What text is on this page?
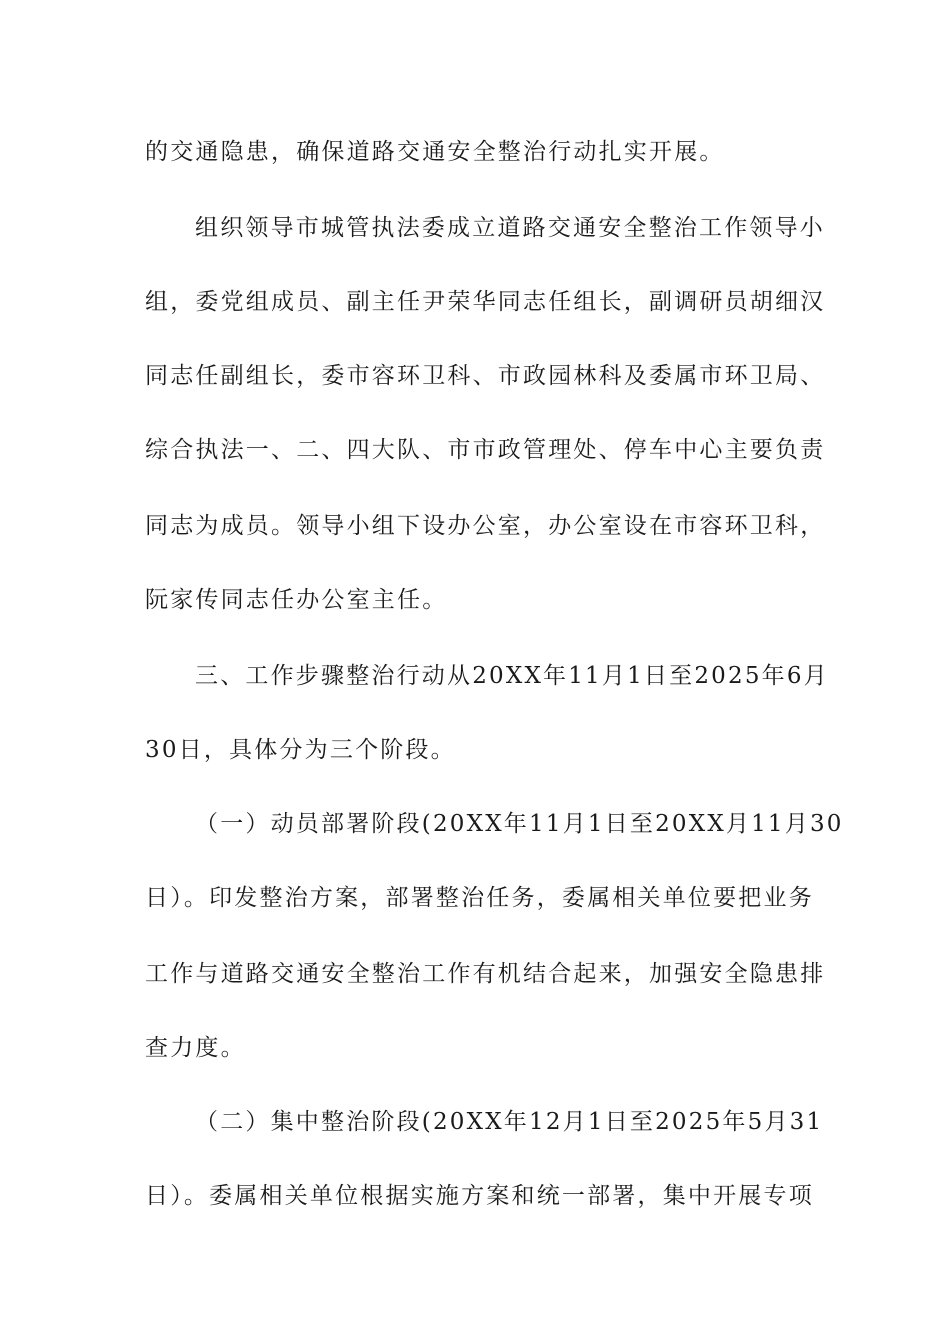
的交通隐患，确保道路交通安全整治行动扎实开展。
组织领导市城管执法委成立道路交通安全整治工作领导小
组，委党组成员、副主任尹荣华同志任组长，副调研员胡细汉
同志任副组长，委市容环卫科、市政园林科及委属市环卫局、
综合执法一、二、四大队、市市政管理处、停车中心主要负责
同志为成员。领导小组下设办公室，办公室设在市容环卫科，
阮家传同志任办公室主任。
三、工作步骤整治行动从20XX年11月1日至2025年6月
30日，具体分为三个阶段。
（一）动员部署阶段(20XX年11月1日至20XX月11月30
日）。印发整治方案，部署整治任务，委属相关单位要把业务
工作与道路交通安全整治工作有机结合起来，加强安全隐患排
查力度。
（二）集中整治阶段(20XX年12月1日至2025年5月31
日）。委属相关单位根据实施方案和统一部署，集中开展专项
